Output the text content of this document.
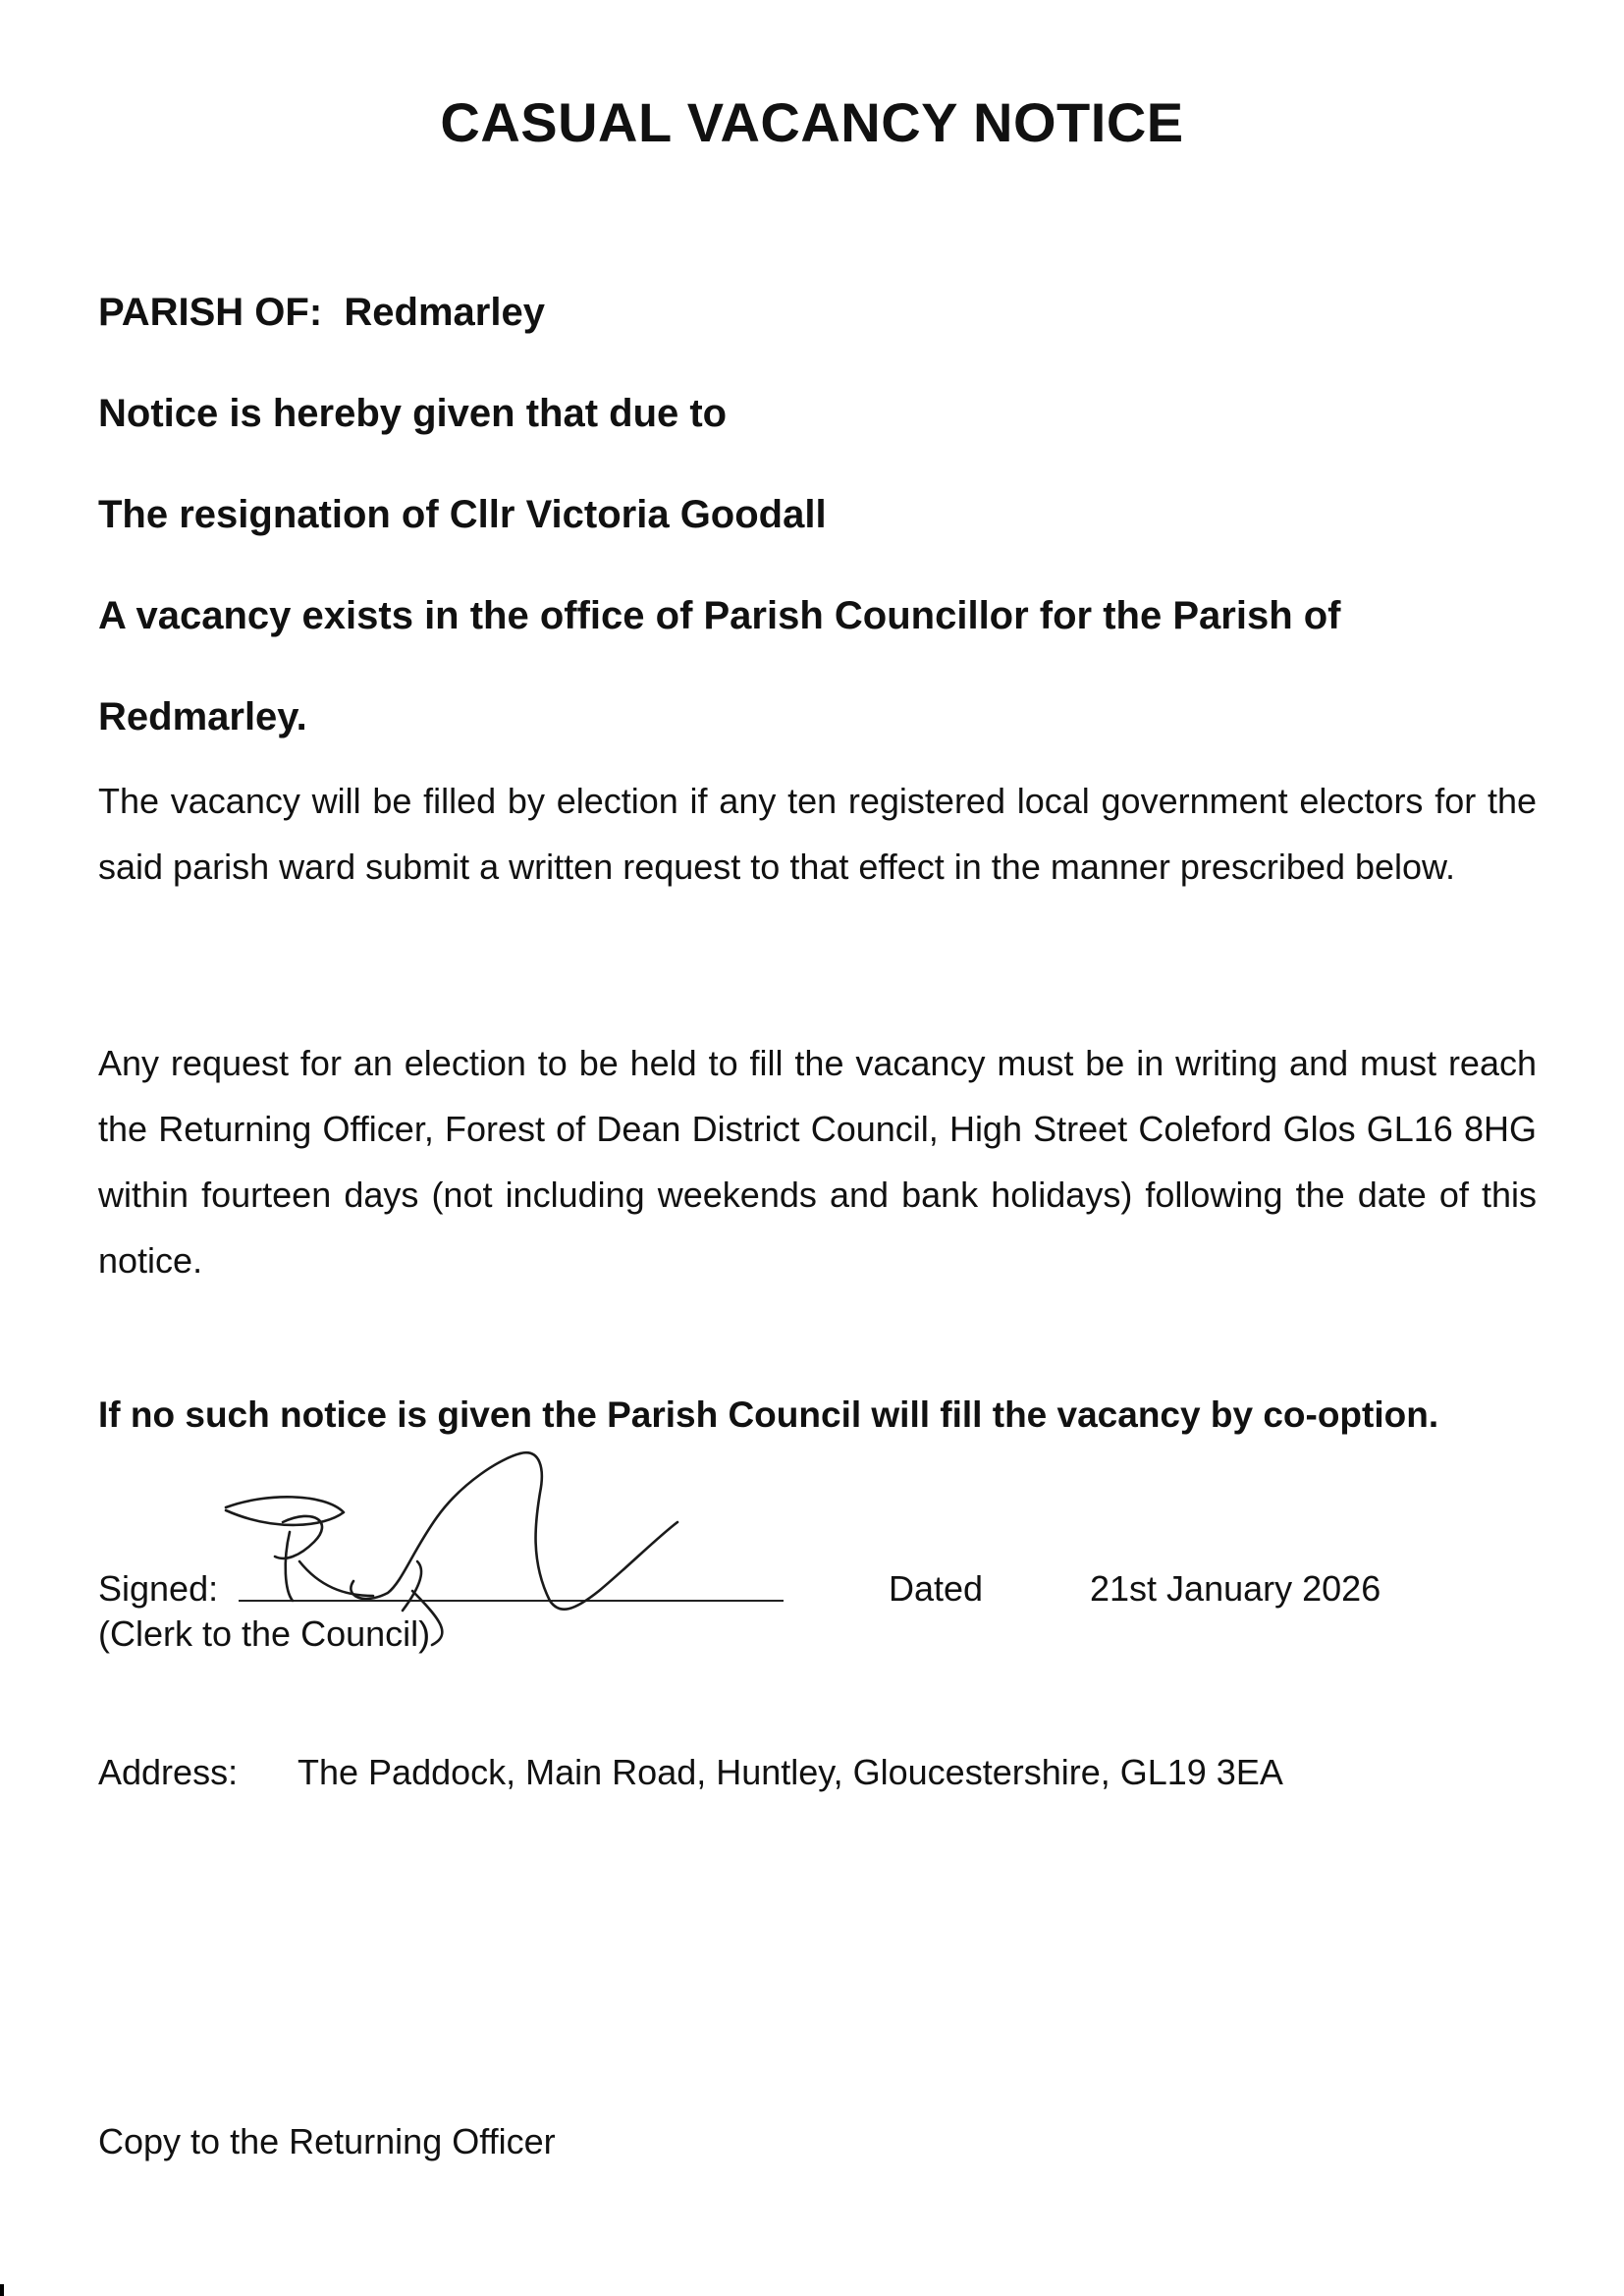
CASUAL VACANCY NOTICE
PARISH OF: Redmarley
Notice is hereby given that due to
The resignation of Cllr Victoria Goodall
A vacancy exists in the office of Parish Councillor for the Parish of
Redmarley.
The vacancy will be filled by election if any ten registered local government electors for the said parish ward submit a written request to that effect in the manner prescribed below.
Any request for an election to be held to fill the vacancy must be in writing and must reach the Returning Officer, Forest of Dean District Council, High Street Coleford Glos GL16 8HG within fourteen days (not including weekends and bank holidays) following the date of this notice.
If no such notice is given the Parish Council will fill the vacancy by co-option.
Signed:
(Clerk to the Council)
Dated	21st January 2026
Address: The Paddock, Main Road, Huntley, Gloucestershire, GL19 3EA
Copy to the Returning Officer
